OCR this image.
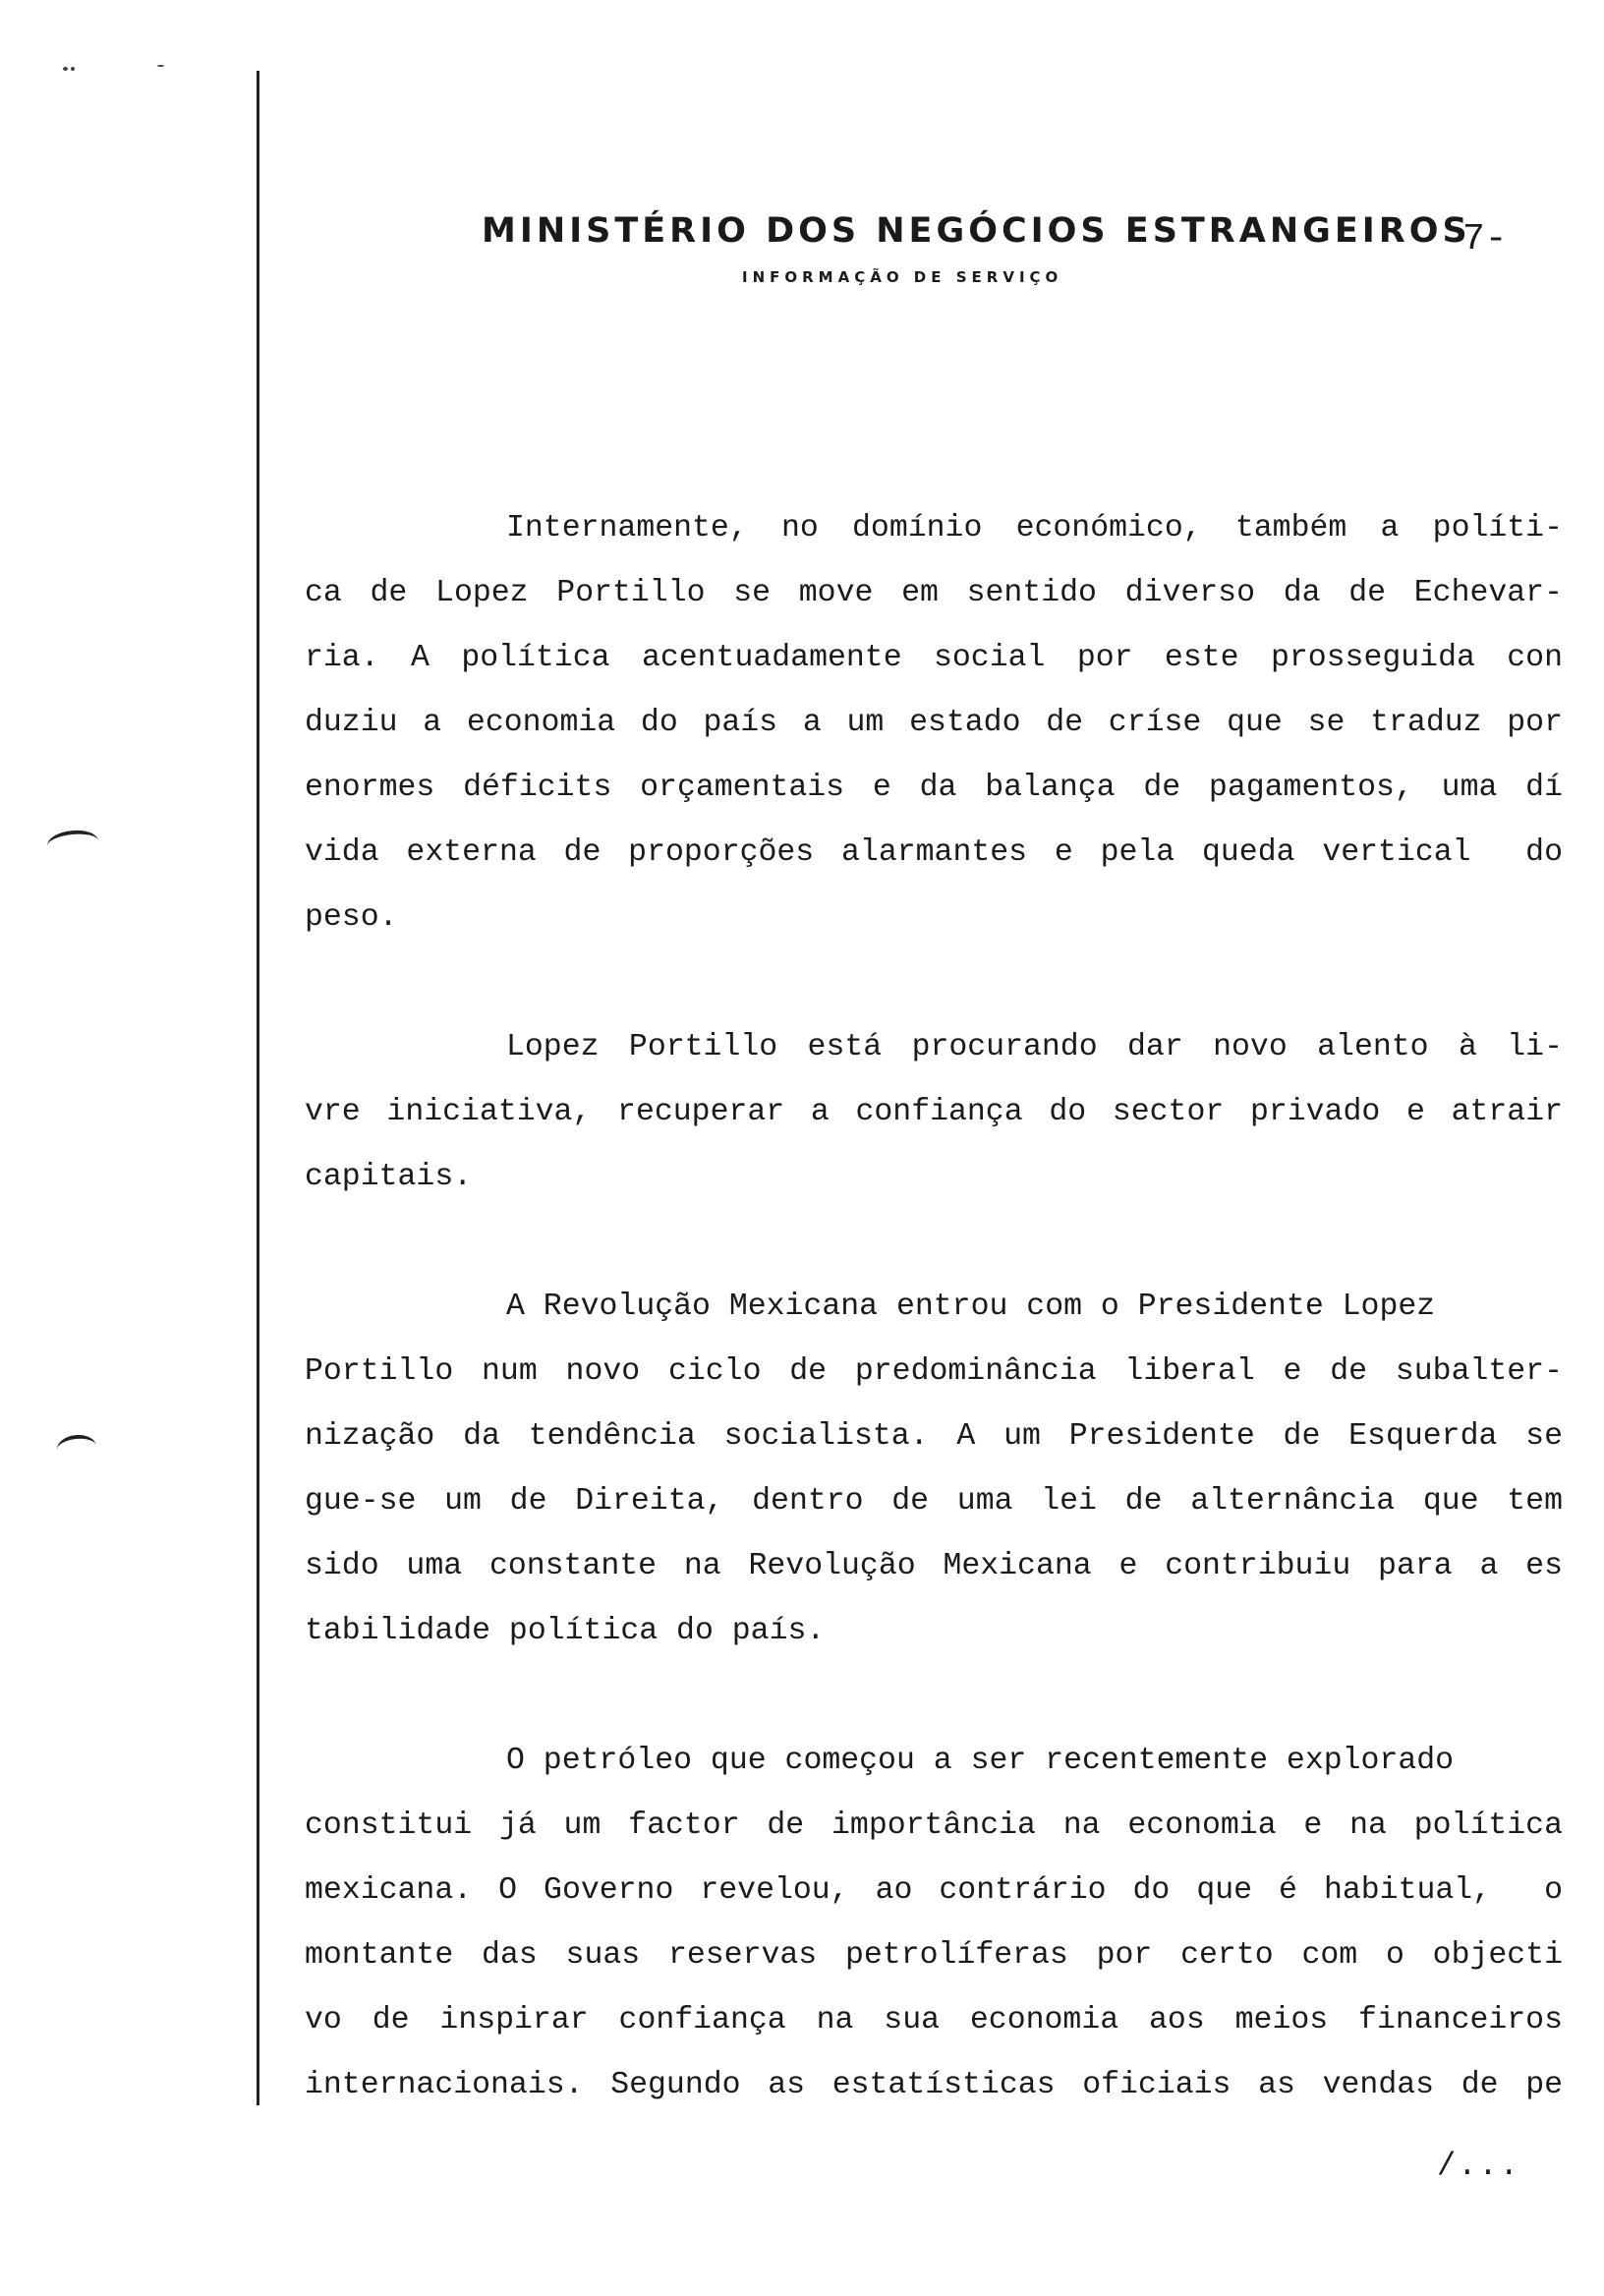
MINISTÉRIO DOS NEGÓCIOS ESTRANGEIROS
INFORMAÇÃO DE SERVIÇO
7-
Internamente, no domínio económico, também a políti-
ca de Lopez Portillo se move em sentido diverso da de Echevar-
ria. A política acentuadamente social por este prosseguida con
duziu a economia do país a um estado de críse que se traduz por
enormes déficits orçamentais e da balança de pagamentos, uma dí
vida externa de proporções alarmantes e pela queda vertical  do
peso.
Lopez Portillo está procurando dar novo alento à li-
vre iniciativa, recuperar a confiança do sector privado e atrair
capitais.
A Revolução Mexicana entrou com o Presidente Lopez
Portillo num novo ciclo de predominância liberal e de subalter-
nização da tendência socialista. A um Presidente de Esquerda se
gue-se um de Direita, dentro de uma lei de alternância que tem
sido uma constante na Revolução Mexicana e contribuiu para a es
tabilidade política do país.
O petróleo que começou a ser recentemente explorado
constitui já um factor de importância na economia e na política
mexicana. O Governo revelou, ao contrário do que é habitual,  o
montante das suas reservas petrolíferas por certo com o objecti
vo de inspirar confiança na sua economia aos meios financeiros
internacionais. Segundo as estatísticas oficiais as vendas de pe
/...
